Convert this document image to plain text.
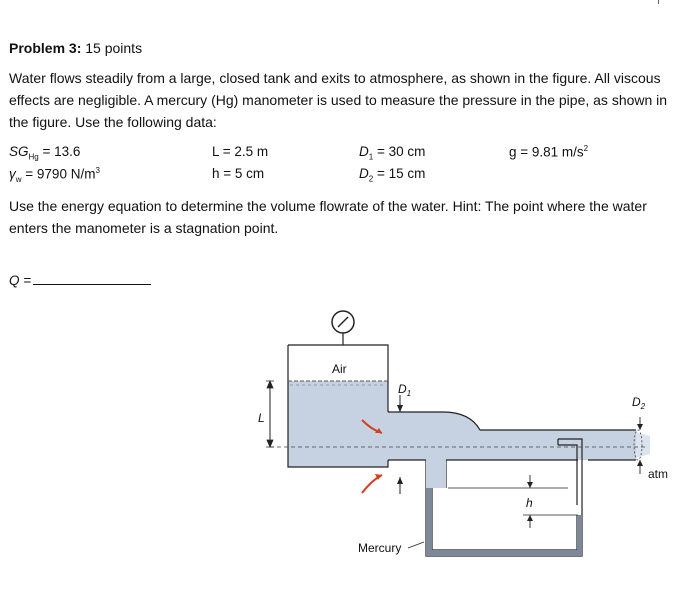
Problem 3: 15 points
Water flows steadily from a large, closed tank and exits to atmosphere, as shown in the figure. All viscous effects are negligible. A mercury (Hg) manometer is used to measure the pressure in the pipe, as shown in the figure. Use the following data:
$SG_{Hg} = 13.6$	L = 2.5 m	$D_1 = 30$ cm	g = 9.81 $m/s^2$
$\gamma_w = 9790$ $N/m^3$	h = 5 cm	$D_2 = 15$ cm
Use the energy equation to determine the volume flowrate of the water. Hint: The point where the water enters the manometer is a stagnation point.
Q =
Air
L
$D_1$
h
Mercury
$D_2$
atm
